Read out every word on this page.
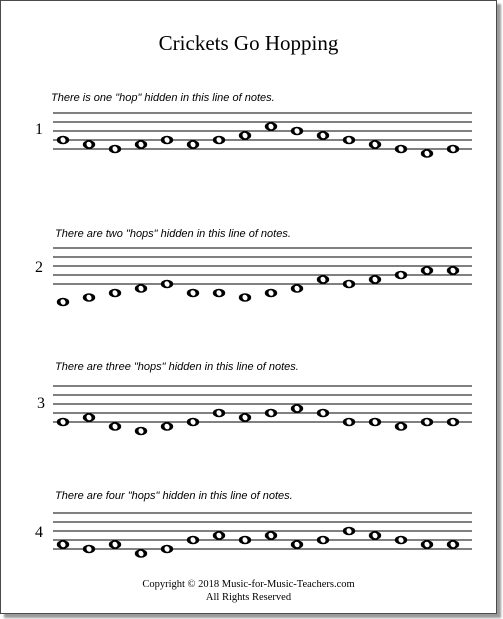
Crickets Go Hopping
There is one "hop" hidden in this line of notes.
1
There are two "hops" hidden in this line of notes.
2
There are three "hops" hidden in this line of notes.
3
There are four "hops" hidden in this line of notes.
4
Copyright © 2018 Music-for-Music-Teachers.com
All Rights Reserved
